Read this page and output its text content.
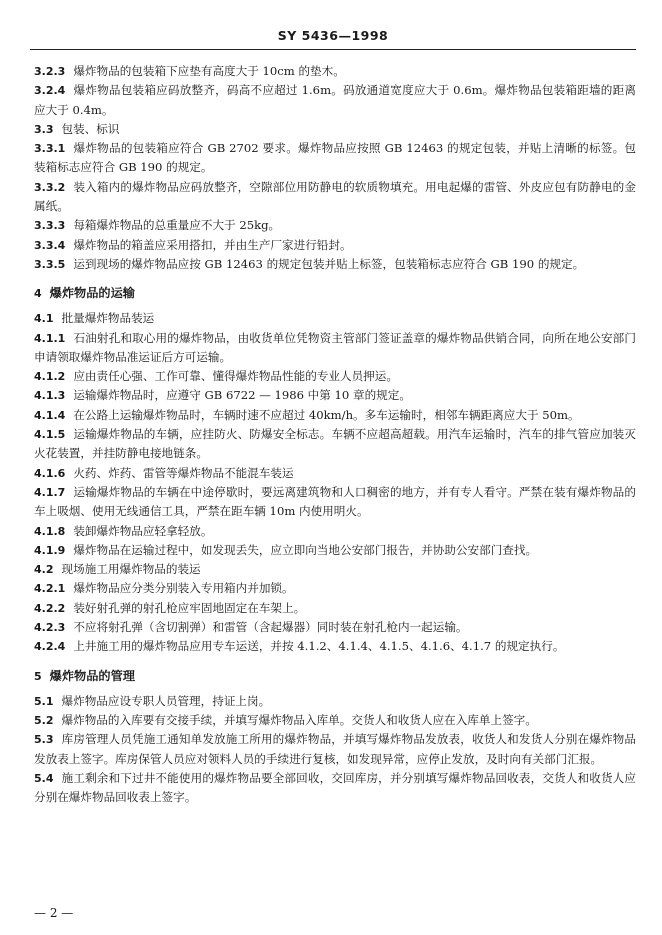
SY 5436—1998
3.2.3 爆炸物品的包装箱下应垫有高度大于 10cm 的垫木。
3.2.4 爆炸物品包装箱应码放整齐，码高不应超过 1.6m。码放通道宽度应大于 0.6m。爆炸物品包装箱距墙的距离应大于 0.4m。
3.3 包装、标识
3.3.1 爆炸物品的包装箱应符合 GB 2702 要求。爆炸物品应按照 GB 12463 的规定包装，并贴上清晰的标签。包装箱标志应符合 GB 190 的规定。
3.3.2 装入箱内的爆炸物品应码放整齐，空隙部位用防静电的软质物填充。用电起爆的雷管、外皮应包有防静电的金属纸。
3.3.3 每箱爆炸物品的总重量应不大于 25kg。
3.3.4 爆炸物品的箱盖应采用搭扣，并由生产厂家进行铅封。
3.3.5 运到现场的爆炸物品应按 GB 12463 的规定包装并贴上标签，包装箱标志应符合 GB 190 的规定。
4 爆炸物品的运输
4.1 批量爆炸物品装运
4.1.1 石油射孔和取心用的爆炸物品，由收货单位凭物资主管部门签证盖章的爆炸物品供销合同，向所在地公安部门申请领取爆炸物品准运证后方可运输。
4.1.2 应由责任心强、工作可靠、懂得爆炸物品性能的专业人员押运。
4.1.3 运输爆炸物品时，应遵守 GB 6722 — 1986 中第 10 章的规定。
4.1.4 在公路上运输爆炸物品时，车辆时速不应超过 40km/h。多车运输时，相邻车辆距离应大于 50m。
4.1.5 运输爆炸物品的车辆，应挂防火、防爆安全标志。车辆不应超高超载。用汽车运输时，汽车的排气管应加装灭火花装置，并挂防静电接地链条。
4.1.6 火药、炸药、雷管等爆炸物品不能混车装运
4.1.7 运输爆炸物品的车辆在中途停歇时，要远离建筑物和人口稠密的地方，并有专人看守。严禁在装有爆炸物品的车上吸烟、使用无线通信工具，严禁在距车辆 10m 内使用明火。
4.1.8 装卸爆炸物品应轻拿轻放。
4.1.9 爆炸物品在运输过程中，如发现丢失，应立即向当地公安部门报告，并协助公安部门查找。
4.2 现场施工用爆炸物品的装运
4.2.1 爆炸物品应分类分别装入专用箱内并加锁。
4.2.2 装好射孔弹的射孔枪应牢固地固定在车架上。
4.2.3 不应将射孔弹（含切割弹）和雷管（含起爆器）同时装在射孔枪内一起运输。
4.2.4 上井施工用的爆炸物品应用专车运送，并按 4.1.2、4.1.4、4.1.5、4.1.6、4.1.7 的规定执行。
5 爆炸物品的管理
5.1 爆炸物品应设专职人员管理，持证上岗。
5.2 爆炸物品的入库要有交接手续，并填写爆炸物品入库单。交货人和收货人应在入库单上签字。
5.3 库房管理人员凭施工通知单发放施工所用的爆炸物品，并填写爆炸物品发放表，收货人和发货人分别在爆炸物品发放表上签字。库房保管人员应对领料人员的手续进行复核，如发现异常，应停止发放，及时向有关部门汇报。
5.4 施工剩余和下过井不能使用的爆炸物品要全部回收，交回库房，并分别填写爆炸物品回收表，交货人和收货人应分别在爆炸物品回收表上签字。
— 2 —
